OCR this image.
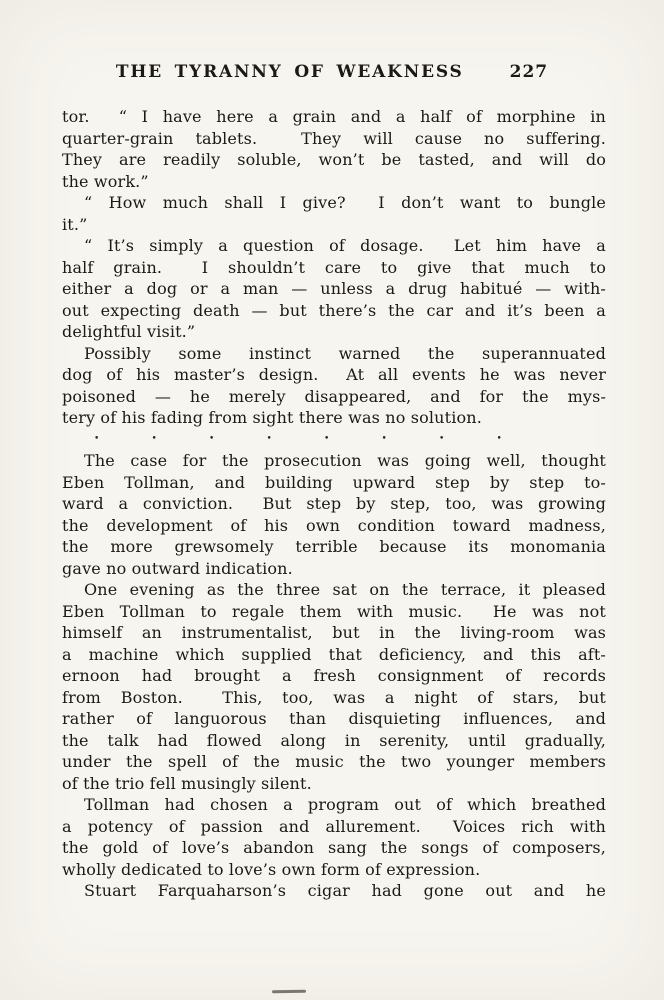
THE TYRANNY OF WEAKNESS	227

tor.  “ I have here a grain and a half of morphine in
quarter-grain tablets.  They will cause no suffering.
They are readily soluble, won’t be tasted, and will do
the work.”

“ How much shall I give?  I don’t want to bungle
it.”

“ It’s simply a question of dosage.  Let him have a
half grain.  I shouldn’t care to give that much to
either a dog or a man — unless a drug habitué — with-
out expecting death — but there’s the car and it’s been a
delightful visit.”

Possibly some instinct warned the superannuated
dog of his master’s design.  At all events he was never
poisoned — he merely disappeared, and for the mys-
tery of his fading from sight there was no solution.

•	•	•	•	•	•	•	•

The case for the prosecution was going well, thought
Eben Tollman, and building upward step by step to-
ward a conviction.  But step by step, too, was growing
the development of his own condition toward madness,
the more grewsomely terrible because its monomania
gave no outward indication.

One evening as the three sat on the terrace, it pleased
Eben Tollman to regale them with music.  He was not
himself an instrumentalist, but in the living-room was
a machine which supplied that deficiency, and this aft-
ernoon had brought a fresh consignment of records
from Boston.  This, too, was a night of stars, but
rather of languorous than disquieting influences, and
the talk had flowed along in serenity, until gradually,
under the spell of the music the two younger members
of the trio fell musingly silent.

Tollman had chosen a program out of which breathed
a potency of passion and allurement.  Voices rich with
the gold of love’s abandon sang the songs of composers,
wholly dedicated to love’s own form of expression.

Stuart Farquaharson’s cigar had gone out and he
